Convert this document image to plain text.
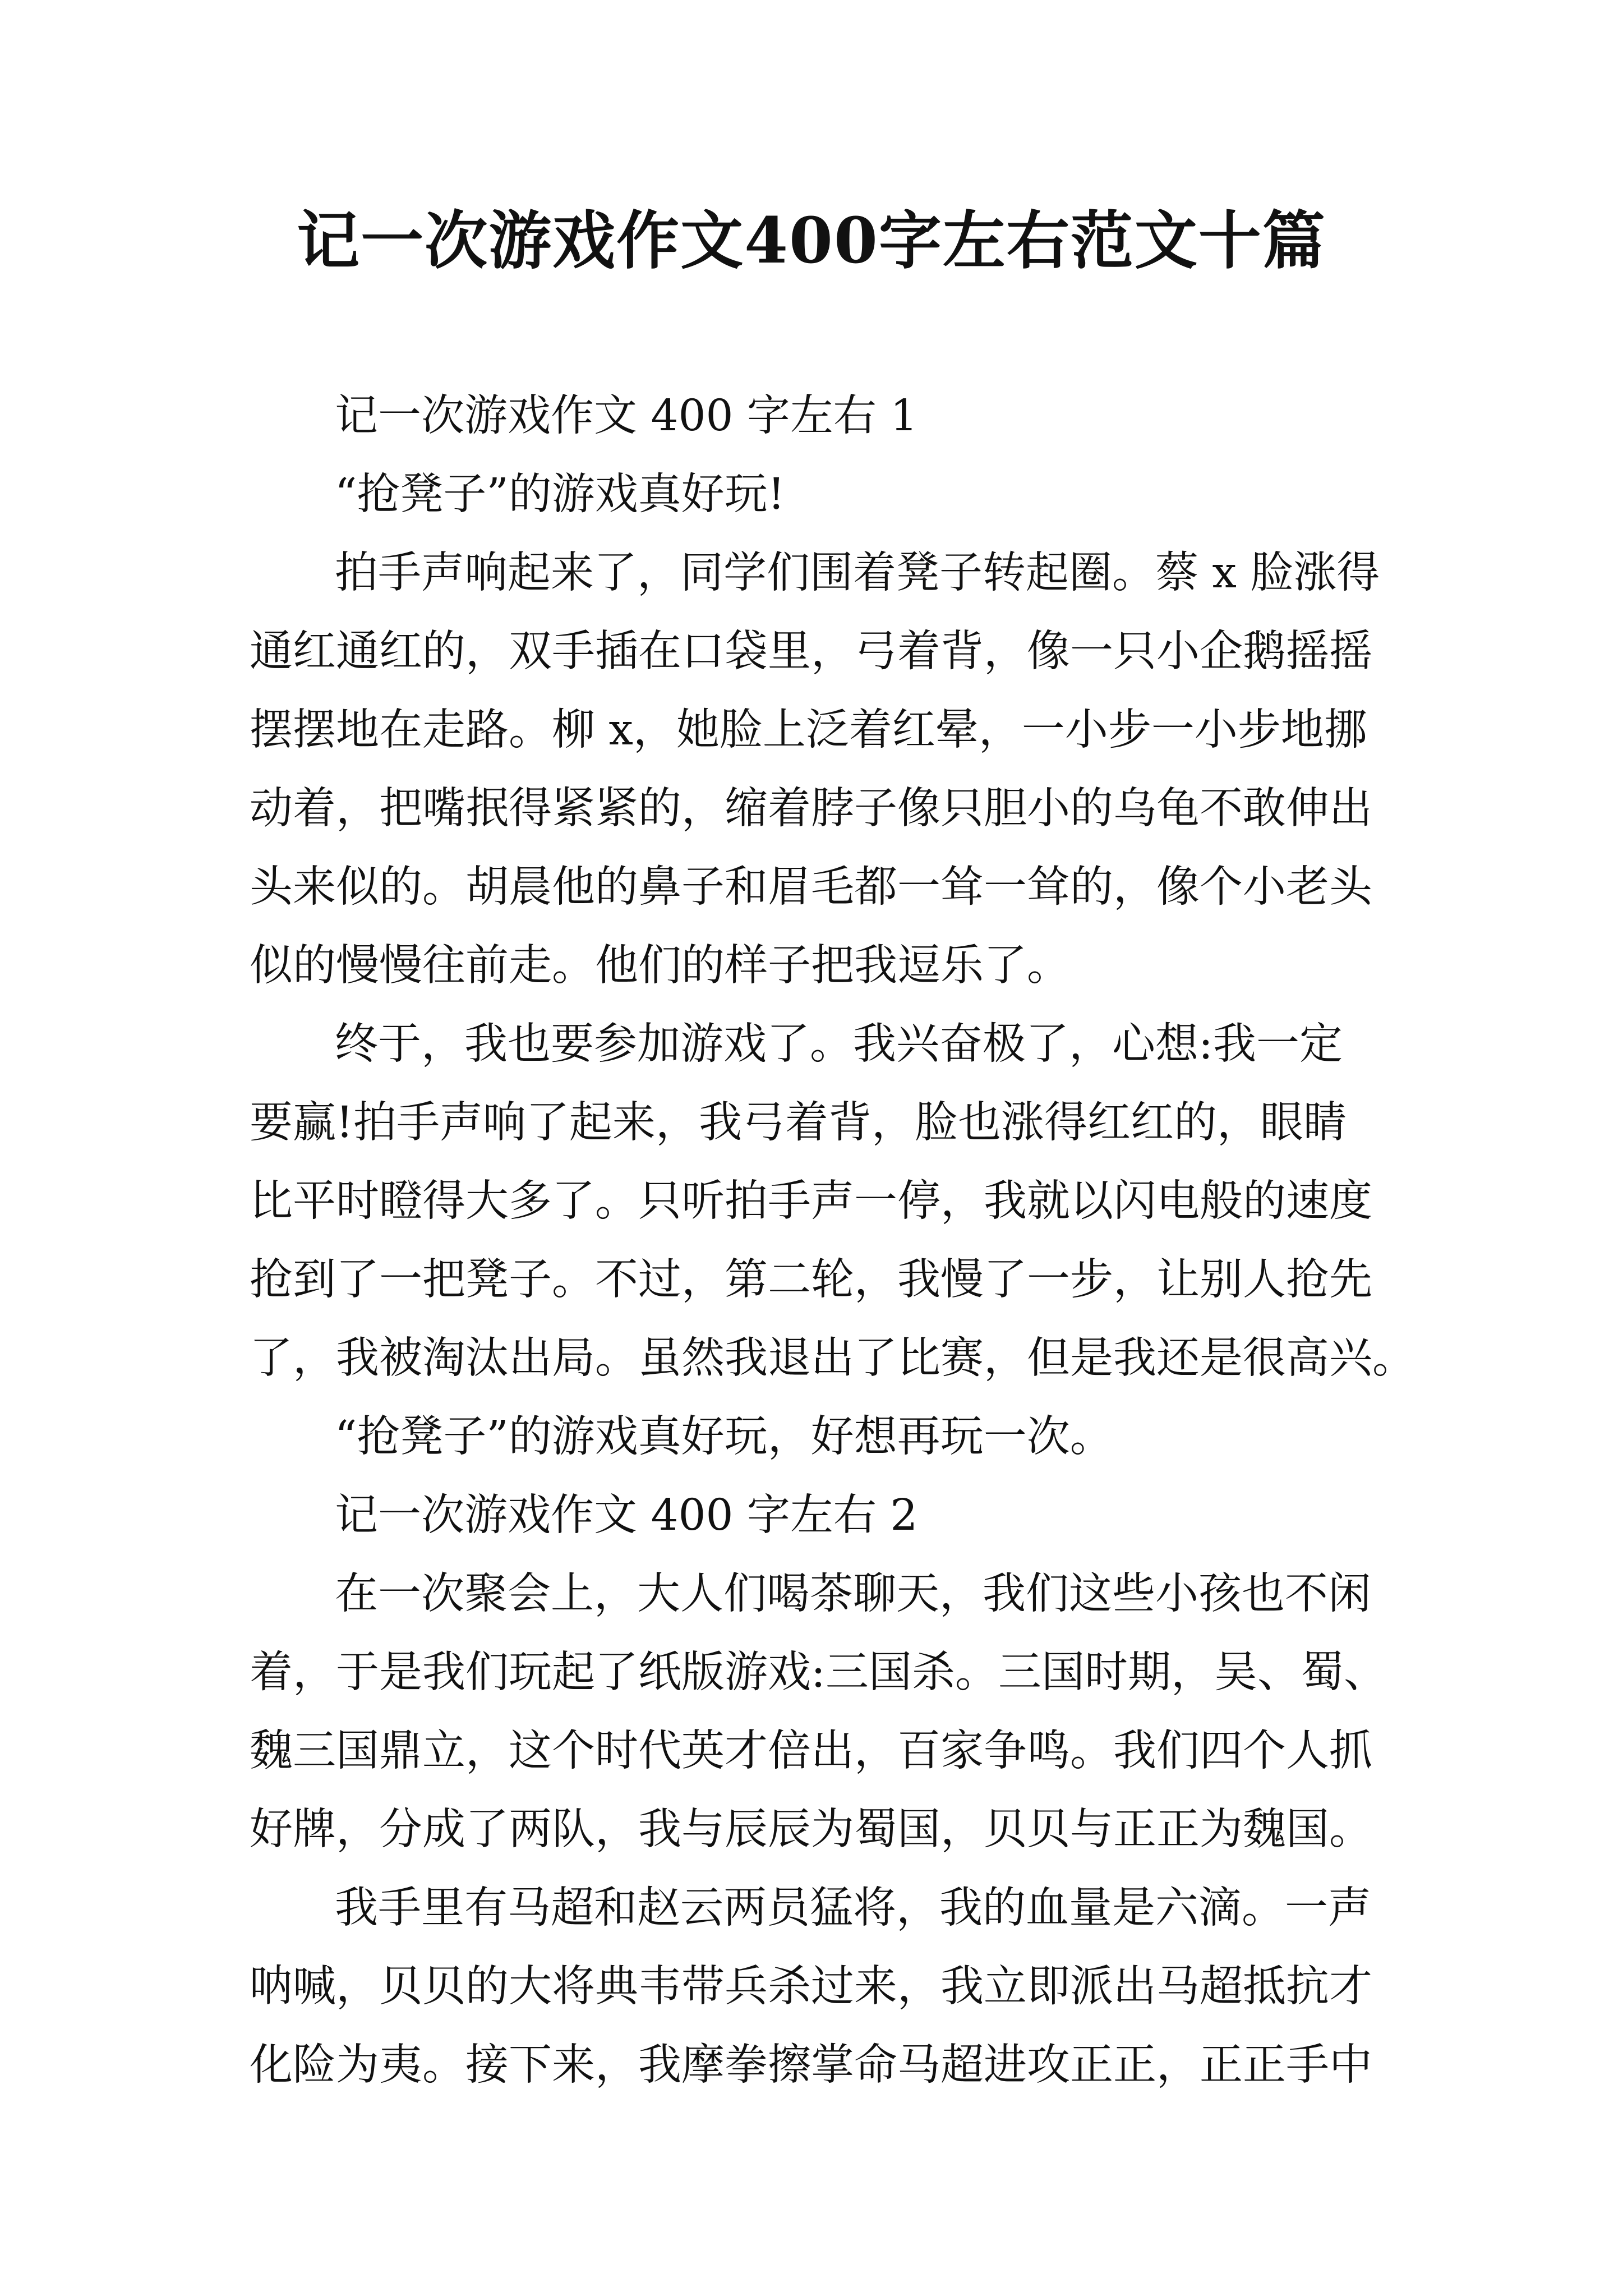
记一次游戏作文400字左右范文十篇

记一次游戏作文 400 字左右 1

“抢凳子”的游戏真好玩!

拍手声响起来了，同学们围着凳子转起圈。蔡 x 脸涨得

通红通红的，双手插在口袋里，弓着背，像一只小企鹅摇摇

摆摆地在走路。柳 x，她脸上泛着红晕，一小步一小步地挪

动着，把嘴抿得紧紧的，缩着脖子像只胆小的乌龟不敢伸出

头来似的。胡晨他的鼻子和眉毛都一耸一耸的，像个小老头

似的慢慢往前走。他们的样子把我逗乐了。

终于，我也要参加游戏了。我兴奋极了，心想:我一定

要赢!拍手声响了起来，我弓着背，脸也涨得红红的，眼睛

比平时瞪得大多了。只听拍手声一停，我就以闪电般的速度

抢到了一把凳子。不过，第二轮，我慢了一步，让别人抢先

了，我被淘汰出局。虽然我退出了比赛，但是我还是很高兴。

“抢凳子”的游戏真好玩，好想再玩一次。

记一次游戏作文 400 字左右 2

在一次聚会上，大人们喝茶聊天，我们这些小孩也不闲

着，于是我们玩起了纸版游戏:三国杀。三国时期，吴、蜀、

魏三国鼎立，这个时代英才倍出，百家争鸣。我们四个人抓

好牌，分成了两队，我与辰辰为蜀国，贝贝与正正为魏国。

我手里有马超和赵云两员猛将，我的血量是六滴。一声

呐喊，贝贝的大将典韦带兵杀过来，我立即派出马超抵抗才

化险为夷。接下来，我摩拳擦掌命马超进攻正正，正正手中
